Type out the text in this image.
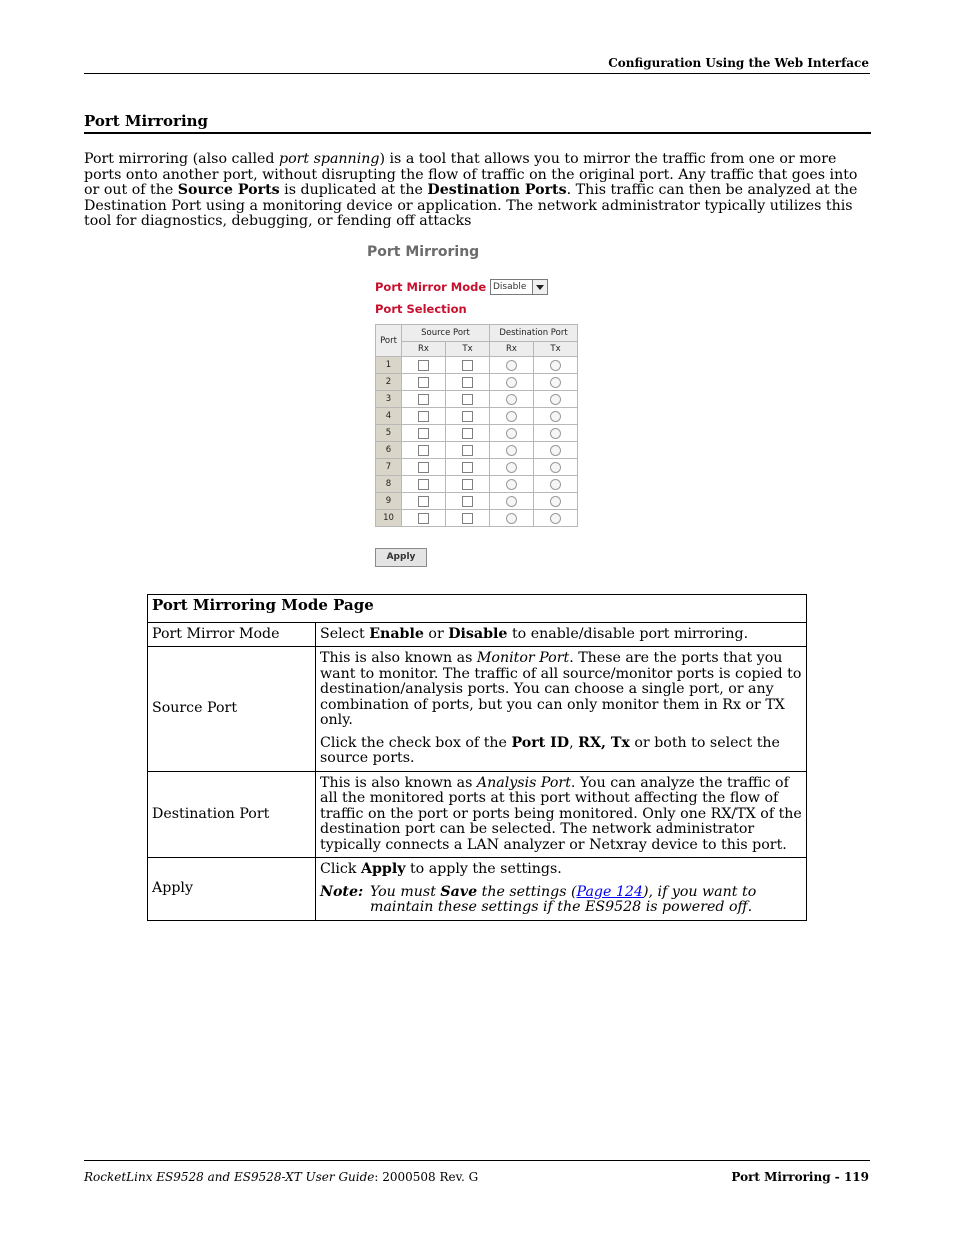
Configuration Using the Web Interface
Port Mirroring

Port mirroring (also called port spanning) is a tool that allows you to mirror the traffic from one or more ports onto another port, without disrupting the flow of traffic on the original port. Any traffic that goes into or out of the Source Ports is duplicated at the Destination Ports. This traffic can then be analyzed at the Destination Port using a monitoring device or application. The network administrator typically utilizes this tool for diagnostics, debugging, or fending off attacks

Port Mirroring
Port Mirror Mode Disable
Port Selection
Port	Source Port		Destination Port	
	Rx	Tx	Rx	Tx
1				
2				
3				
4				
5				
6				
7				
8				
9				
10				
Apply
Port Mirroring Mode Page	
Port Mirror Mode	Select Enable or Disable to enable/disable port mirroring.
Source Port	This is also known as Monitor Port. These are the ports that you want to monitor. The traffic of all source/monitor ports is copied to destination/analysis ports. You can choose a single port, or any combination of ports, but you can only monitor them in Rx or TX only.

Click the check box of the Port ID, RX, Tx or both to select the source ports.

Destination Port	This is also known as Analysis Port. You can analyze the traffic of all the monitored ports at this port without affecting the flow of traffic on the port or ports being monitored. Only one RX/TX of the destination port can be selected. The network administrator typically connects a LAN analyzer or Netxray device to this port.
Apply	Click Apply to apply the settings.

Note: You must Save the settings (Page 124), if you want to maintain these settings if the ES9528 is powered off.
RocketLinx ES9528 and ES9528-XT User Guide: 2000508 Rev. G	Port Mirroring - 119
